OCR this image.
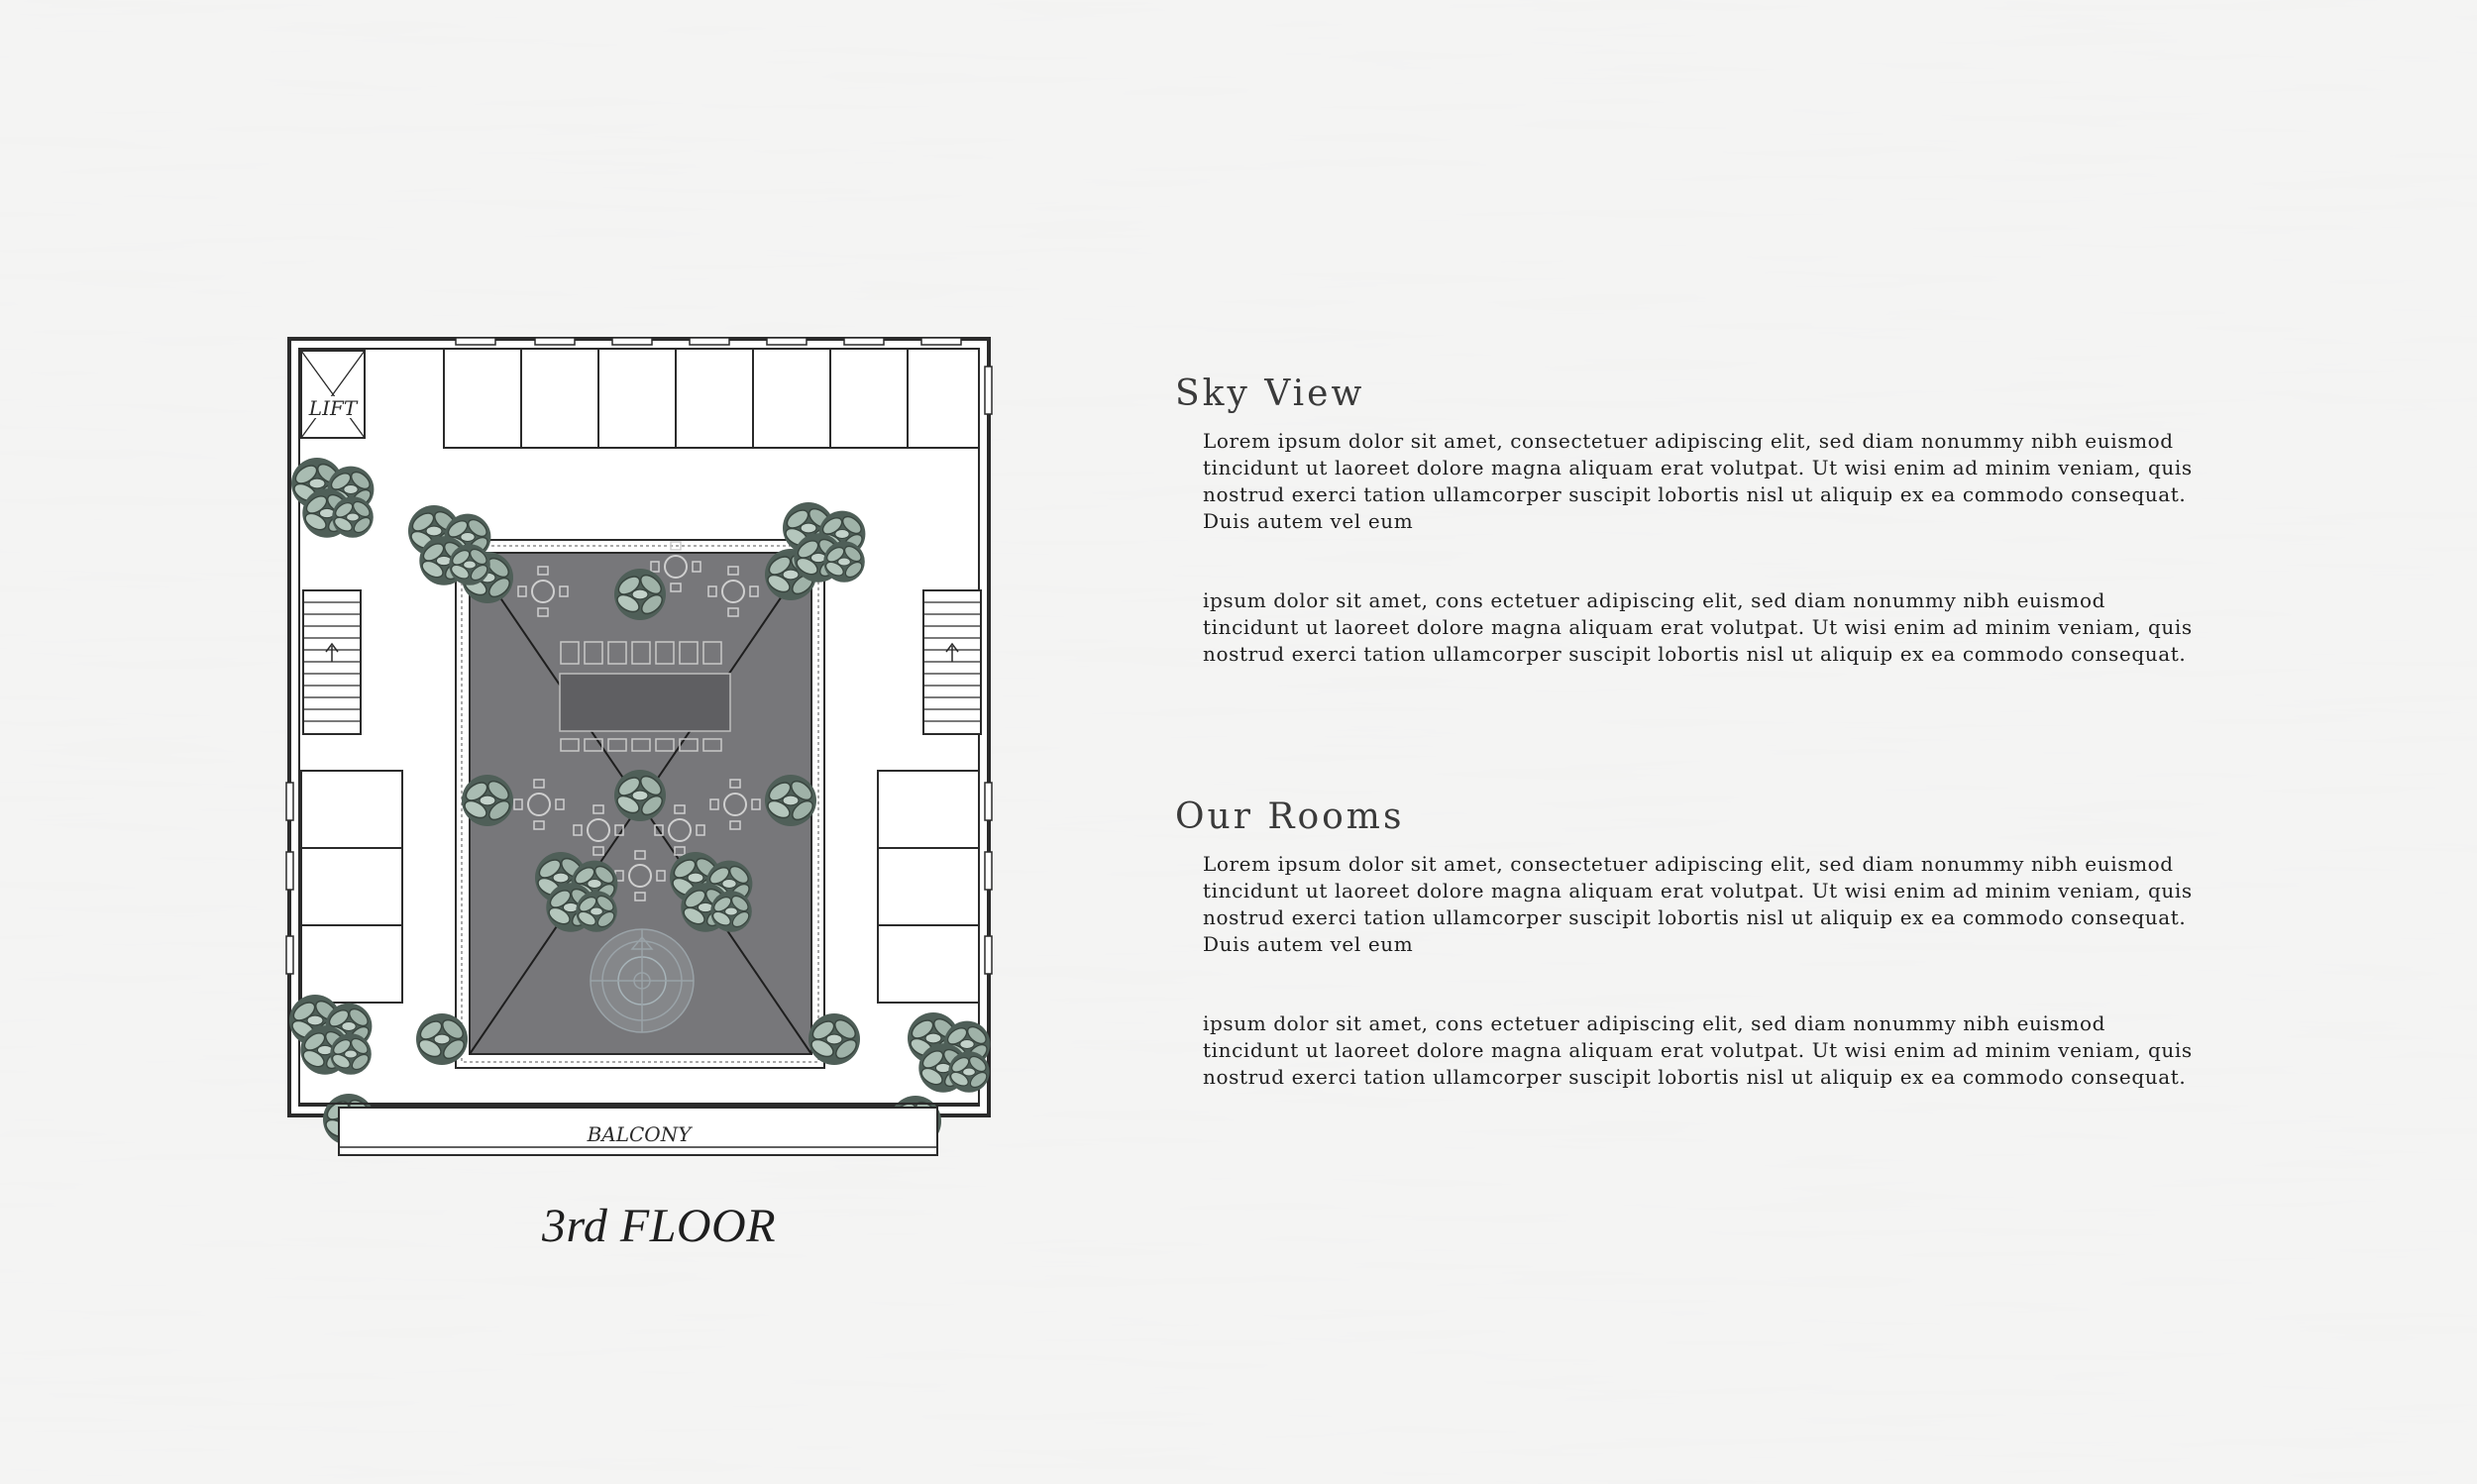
LIFT
BALCONY
3rd FLOOR
Sky View

Lorem ipsum dolor sit amet, consectetuer adipiscing elit, sed diam nonummy nibh euismod tincidunt ut laoreet dolore magna aliquam erat volutpat. Ut wisi enim ad minim veniam, quis nostrud exerci tation ullamcorper suscipit lobortis nisl ut aliquip ex ea commodo consequat. Duis autem vel eum

ipsum dolor sit amet, cons ectetuer adipiscing elit, sed diam nonummy nibh euismod tincidunt ut laoreet dolore magna aliquam erat volutpat. Ut wisi enim ad minim veniam, quis nostrud exerci tation ullamcorper suscipit lobortis nisl ut aliquip ex ea commodo consequat.

Our Rooms

Lorem ipsum dolor sit amet, consectetuer adipiscing elit, sed diam nonummy nibh euismod tincidunt ut laoreet dolore magna aliquam erat volutpat. Ut wisi enim ad minim veniam, quis nostrud exerci tation ullamcorper suscipit lobortis nisl ut aliquip ex ea commodo consequat. Duis autem vel eum

ipsum dolor sit amet, cons ectetuer adipiscing elit, sed diam nonummy nibh euismod tincidunt ut laoreet dolore magna aliquam erat volutpat. Ut wisi enim ad minim veniam, quis nostrud exerci tation ullamcorper suscipit lobortis nisl ut aliquip ex ea commodo consequat.
